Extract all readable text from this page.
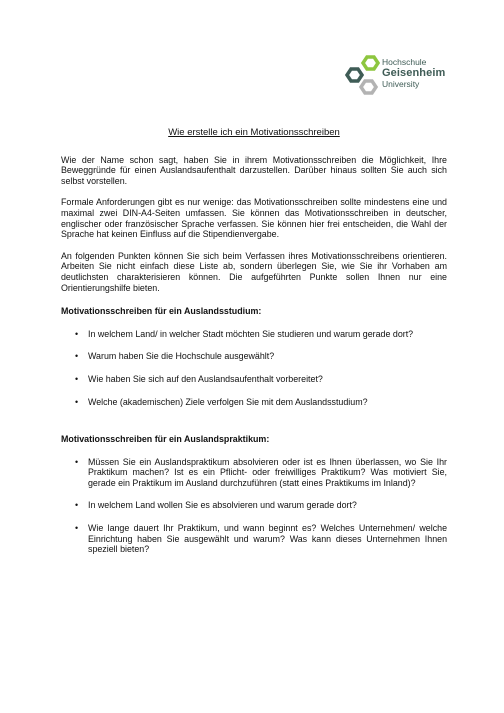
Hochschule
Geisenheim
University
Wie erstelle ich ein Motivationsschreiben

Wie der Name schon sagt, haben Sie in ihrem Motivationsschreiben die Möglichkeit, Ihre Beweggründe für einen Auslandsaufenthalt darzustellen. Darüber hinaus sollten Sie auch sich selbst vorstellen.

Formale Anforderungen gibt es nur wenige: das Motivationsschreiben sollte mindestens eine und maximal zwei DIN-A4-Seiten umfassen. Sie können das Motivationsschreiben in deutscher, englischer oder französischer Sprache verfassen. Sie können hier frei entscheiden, die Wahl der Sprache hat keinen Einfluss auf die Stipendienvergabe.

An folgenden Punkten können Sie sich beim Verfassen ihres Motivationsschreibens orientieren. Arbeiten Sie nicht einfach diese Liste ab, sondern überlegen Sie, wie Sie ihr Vorhaben am deutlichsten charakterisieren können. Die aufgeführten Punkte sollen Ihnen nur eine Orientierungshilfe bieten.

Motivationsschreiben für ein Auslandsstudium:
• In welchem Land/ in welcher Stadt möchten Sie studieren und warum gerade dort?
• Warum haben Sie die Hochschule ausgewählt?
• Wie haben Sie sich auf den Auslandsaufenthalt vorbereitet?
• Welche (akademischen) Ziele verfolgen Sie mit dem Auslandsstudium?
Motivationsschreiben für ein Auslandspraktikum:
• Müssen Sie ein Auslandspraktikum absolvieren oder ist es Ihnen überlassen, wo Sie Ihr Praktikum machen? Ist es ein Pflicht- oder freiwilliges Praktikum? Was motiviert Sie, gerade ein Praktikum im Ausland durchzuführen (statt eines Praktikums im Inland)?
• In welchem Land wollen Sie es absolvieren und warum gerade dort?
• Wie lange dauert Ihr Praktikum, und wann beginnt es? Welches Unternehmen/ welche Einrichtung haben Sie ausgewählt und warum? Was kann dieses Unternehmen Ihnen speziell bieten?
